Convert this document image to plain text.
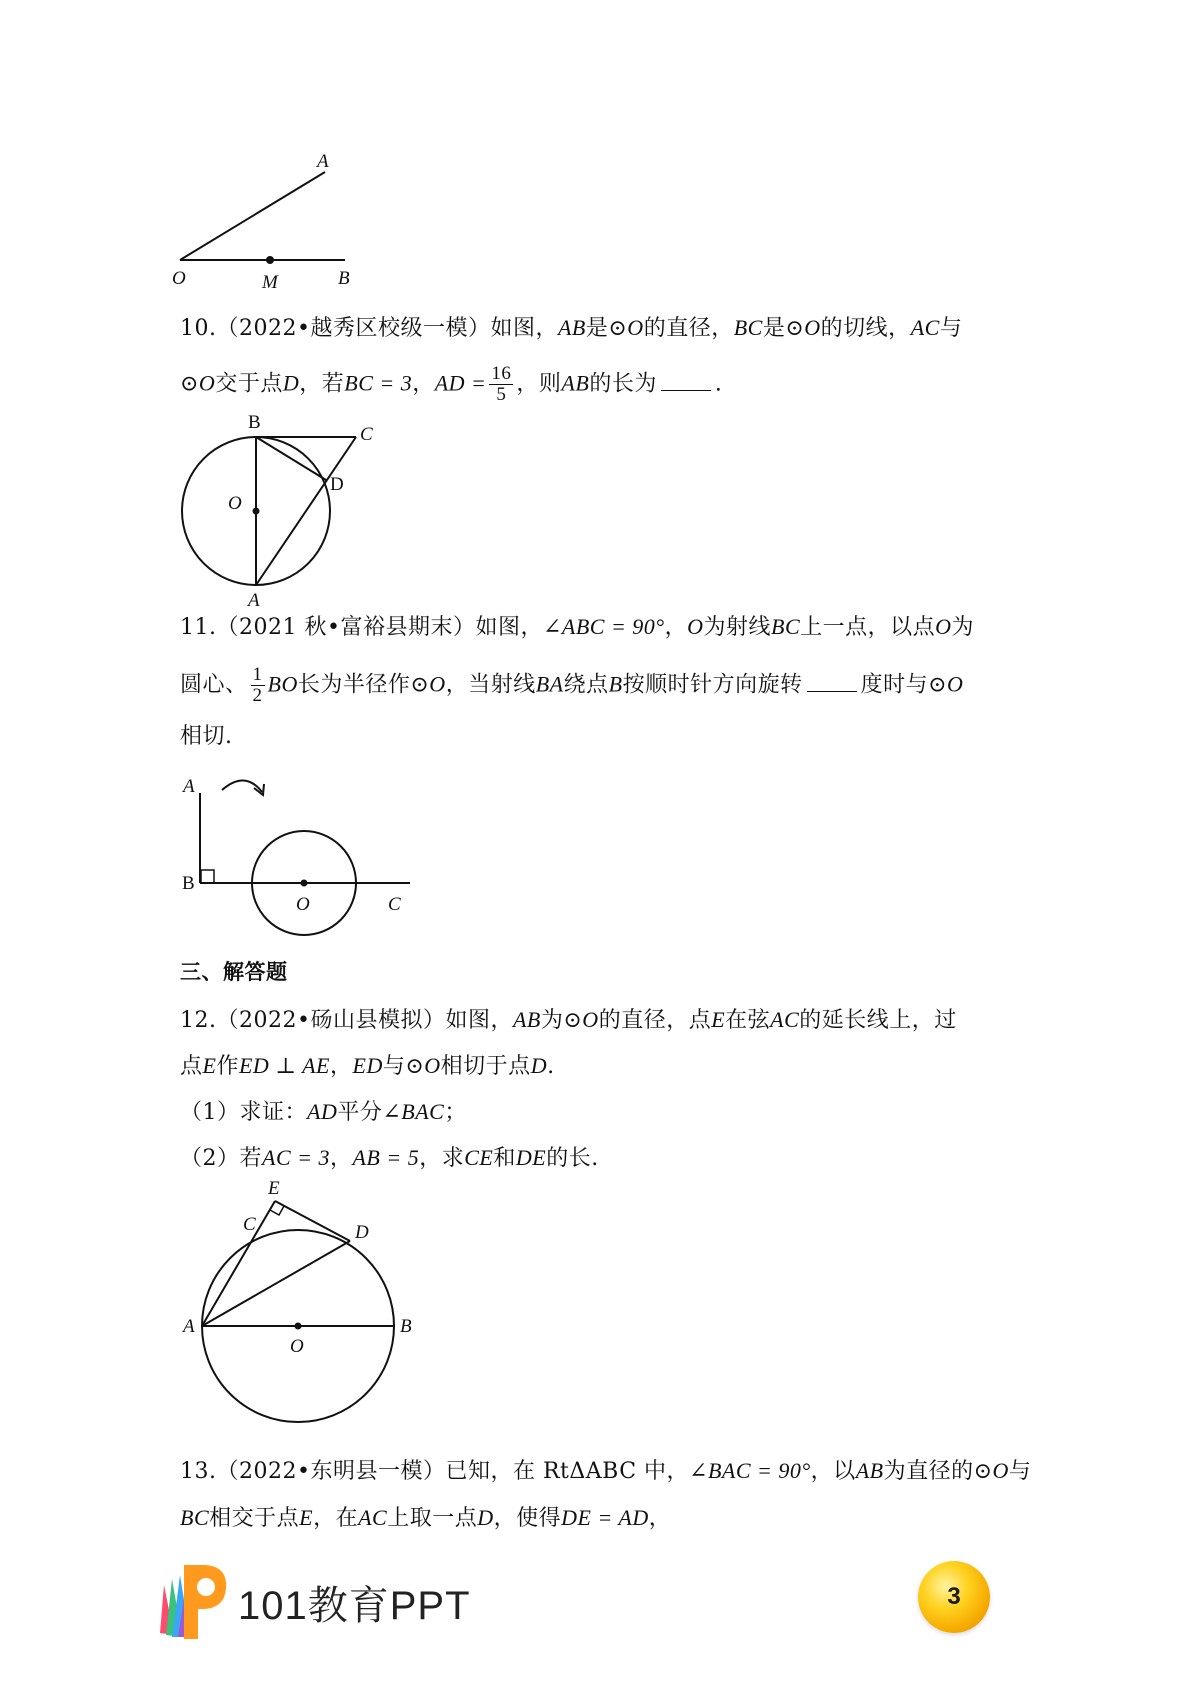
A
O	M	B
10.（2022•越秀区校级一模）如图，AB是⊙O的直径，BC是⊙O的切线，AC与
⊙O交于点D，若BC = 3，AD = $\frac{16}{5}$ ，则AB的长为	.
B
C
D
O
A
11.（2021 秋•富裕县期末）如图，∠ABC = 90°，O为射线BC上一点，以点O为
圆心、 $\frac{1}{2}$ BO长为半径作⊙O，当射线BA绕点B按顺时针方向旋转	度时与⊙O
相切.
A
B
O	C
三、解答题
12.（2022•砀山县模拟）如图，AB为⊙O的直径，点E在弦AC的延长线上，过
点E作ED ⊥ AE，ED与⊙O相切于点D.
（1）求证：AD平分∠BAC；
（2）若AC = 3，AB = 5，求CE和DE的长.
E
C	D
A
O
B
13.（2022•东明县一模）已知，在 RtΔABC 中，∠BAC = 90°，以AB为直径的⊙O与
BC相交于点E，在AC上取一点D，使得DE = AD，
101教育PPT	3
